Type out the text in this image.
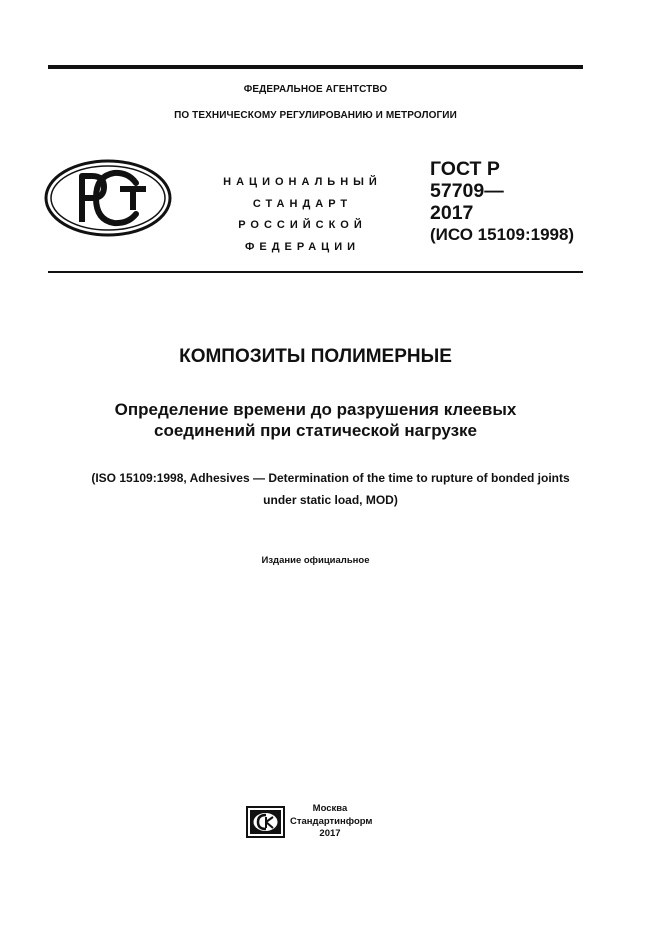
ФЕДЕРАЛЬНОЕ АГЕНТСТВО
ПО ТЕХНИЧЕСКОМУ РЕГУЛИРОВАНИЮ И МЕТРОЛОГИИ
НАЦИОНАЛЬНЫЙ
СТАНДАРТ
РОССИЙСКОЙ
ФЕДЕРАЦИИ
ГОСТ Р
57709—
2017
(ИСО 15109:1998)
КОМПОЗИТЫ ПОЛИМЕРНЫЕ
Определение времени до разрушения клеевых
соединений при статической нагрузке
(ISO 15109:1998, Adhesives — Determination of the time to rupture of bonded joints
under static load, MOD)
Издание официальное
Москва
Стандартинформ
2017
